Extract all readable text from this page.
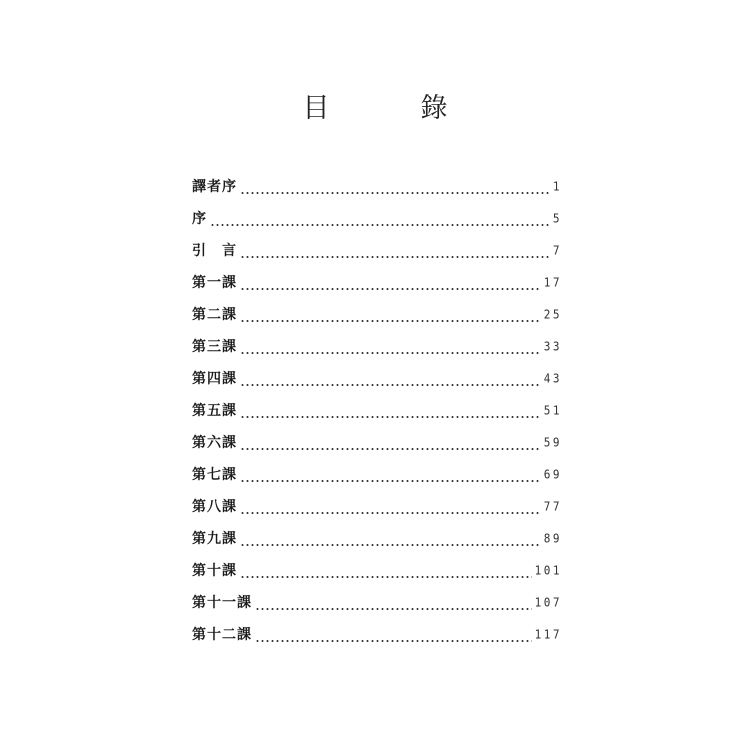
目　錄
譯者序	1
序	5
引　言	7
第一課	17
第二課	25
第三課	33
第四課	43
第五課	51
第六課	59
第七課	69
第八課	77
第九課	89
第十課	101
第十一課	107
第十二課	117
